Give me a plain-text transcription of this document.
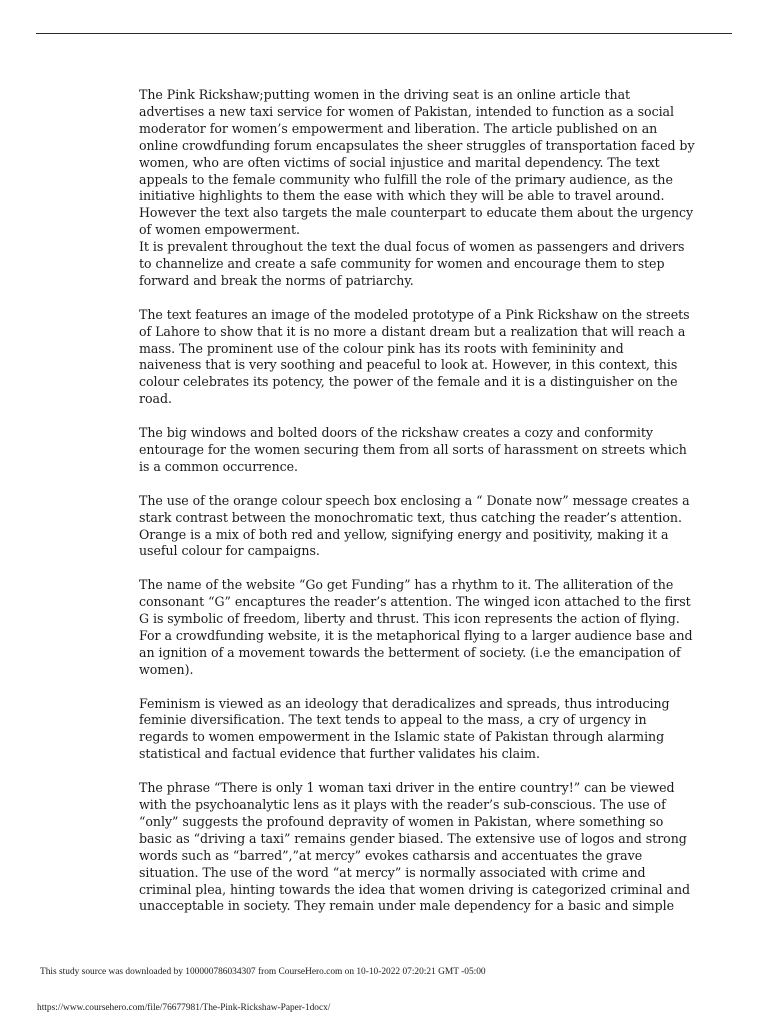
The Pink Rickshaw;putting women in the driving seat is an online article that
advertises a new taxi service for women of Pakistan, intended to function as a social
moderator for women’s empowerment and liberation. The article published on an
online crowdfunding forum encapsulates the sheer struggles of transportation faced by
women, who are often victims of social injustice and marital dependency. The text
appeals to the female community who fulfill the role of the primary audience, as the
initiative highlights to them the ease with which they will be able to travel around.
However the text also targets the male counterpart to educate them about the urgency
of women empowerment.

It is prevalent throughout the text the dual focus of women as passengers and drivers
to channelize and create a safe community for women and encourage them to step
forward and break the norms of patriarchy.

The text features an image of the modeled prototype of a Pink Rickshaw on the streets
of Lahore to show that it is no more a distant dream but a realization that will reach a
mass. The prominent use of the colour pink has its roots with femininity and
naiveness that is very soothing and peaceful to look at. However, in this context, this
colour celebrates its potency, the power of the female and it is a distinguisher on the
road.

The big windows and bolted doors of the rickshaw creates a cozy and conformity
entourage for the women securing them from all sorts of harassment on streets which
is a common occurrence.

The use of the orange colour speech box enclosing a “ Donate now” message creates a
stark contrast between the monochromatic text, thus catching the reader’s attention.
Orange is a mix of both red and yellow, signifying energy and positivity, making it a
useful colour for campaigns.

The name of the website “Go get Funding” has a rhythm to it. The alliteration of the
consonant “G” encaptures the reader’s attention. The winged icon attached to the first
G is symbolic of freedom, liberty and thrust. This icon represents the action of flying.
For a crowdfunding website, it is the metaphorical flying to a larger audience base and
an ignition of a movement towards the betterment of society. (i.e the emancipation of
women).

Feminism is viewed as an ideology that deradicalizes and spreads, thus introducing
feminie diversification. The text tends to appeal to the mass, a cry of urgency in
regards to women empowerment in the Islamic state of Pakistan through alarming
statistical and factual evidence that further validates his claim.

The phrase “There is only 1 woman taxi driver in the entire country!” can be viewed
with the psychoanalytic lens as it plays with the reader’s sub-conscious. The use of
“only” suggests the profound depravity of women in Pakistan, where something so
basic as “driving a taxi” remains gender biased. The extensive use of logos and strong
words such as “barred”,”at mercy” evokes catharsis and accentuates the grave
situation. The use of the word “at mercy” is normally associated with crime and
criminal plea, hinting towards the idea that women driving is categorized criminal and
unacceptable in society. They remain under male dependency for a basic and simple

This study source was downloaded by 100000786034307 from CourseHero.com on 10-10-2022 07:20:21 GMT -05:00
https://www.coursehero.com/file/76677981/The-Pink-Rickshaw-Paper-1docx/
